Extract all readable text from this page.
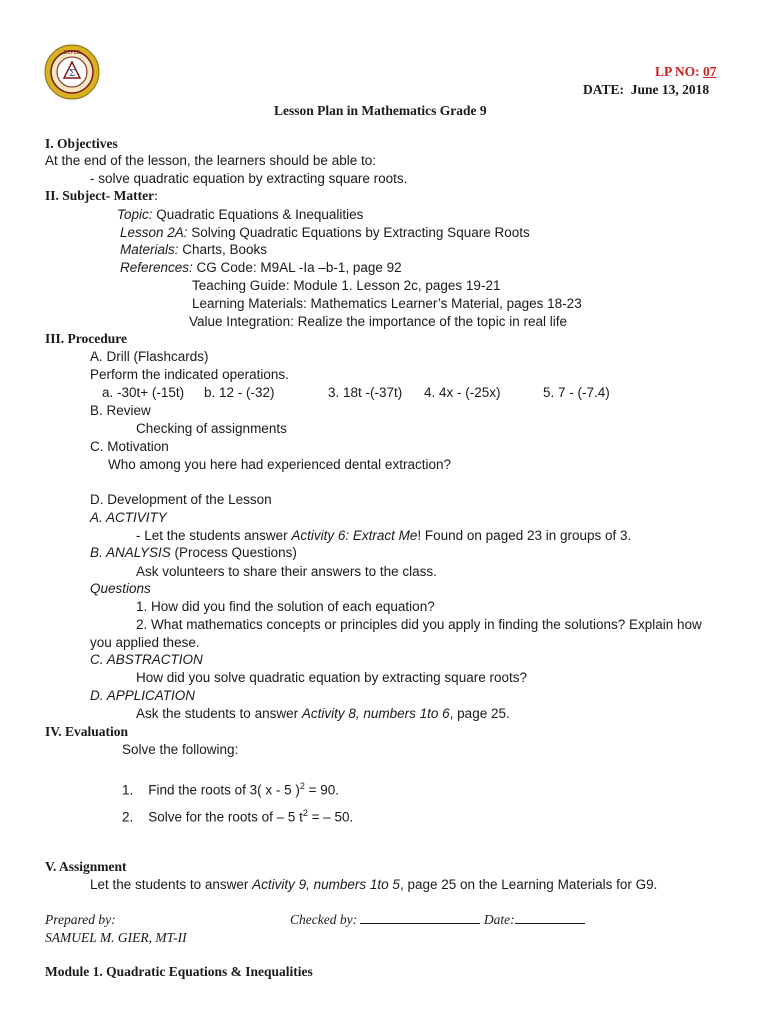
Σ
DEPED
LP NO: 07
DATE: June 13, 2018
Lesson Plan in Mathematics Grade 9
I. Objectives
At the end of the lesson, the learners should be able to:
- solve quadratic equation by extracting square roots.
II. Subject- Matter:
Topic: Quadratic Equations & Inequalities
Lesson 2A: Solving Quadratic Equations by Extracting Square Roots
Materials: Charts, Books
References: CG Code: M9AL -Ia –b-1, page 92
Teaching Guide: Module 1. Lesson 2c, pages 19-21
Learning Materials: Mathematics Learner’s Material, pages 18-23
Value Integration: Realize the importance of the topic in real life
III. Procedure
A. Drill (Flashcards)
Perform the indicated operations.
a. -30t+ (-15t) b. 12 - (-32)	3. 18t -(-37t) 4. 4x - (-25x)	5. 7 - (-7.4)
B. Review
Checking of assignments
C. Motivation
Who among you here had experienced dental extraction?
D. Development of the Lesson
A. ACTIVITY
- Let the students answer Activity 6: Extract Me! Found on paged 23 in groups of 3.
B. ANALYSIS (Process Questions)
Ask volunteers to share their answers to the class.
Questions
1. How did you find the solution of each equation?
2. What mathematics concepts or principles did you apply in finding the solutions? Explain how
you applied these.
C. ABSTRACTION
How did you solve quadratic equation by extracting square roots?
D. APPLICATION
Ask the students to answer Activity 8, numbers 1to 6, page 25.
IV. Evaluation
Solve the following:
1. Find the roots of 3( x - 5 )$^2$ = 90.
2. Solve for the roots of – 5 $t^2$ = – 50.
V. Assignment
Let the students to answer Activity 9, numbers 1to 5, page 25 on the Learning Materials for G9.
Prepared by:	Checked by:	Date:
SAMUEL M. GIER, MT-II
Module 1. Quadratic Equations & Inequalities
